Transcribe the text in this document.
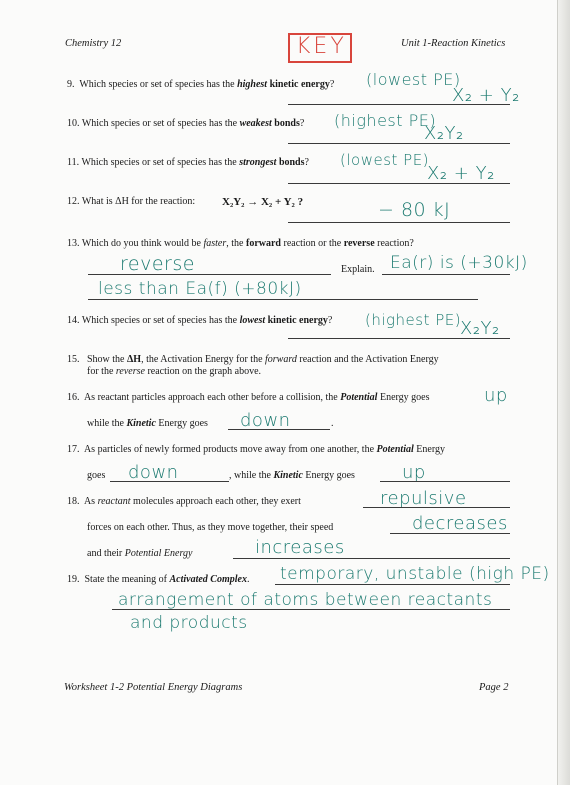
Chemistry 12	KEY	Unit 1-Reaction Kinetics
9. Which species or set of species has the highest kinetic energy? (lowest PE)
X₂ + Y₂
10. Which species or set of species has the weakest bonds? (highest PE)
X₂Y₂
11. Which species or set of species has the strongest bonds? (lowest PE)
X₂ + Y₂
12. What is ΔH for the reaction: X₂Y₂ → X₂ + Y₂ ?	− 80 kJ
13. Which do you think would be faster, the forward reaction or the reverse reaction?
reverse	Explain. Ea(r) is (+30kJ)
less than Ea(f) (+80kJ)
14. Which species or set of species has the lowest kinetic energy? (highest PE)
X₂Y₂
15. Show the ΔH, the Activation Energy for the forward reaction and the Activation Energy
for the reverse reaction on the graph above.
16. As reactant particles approach each other before a collision, the Potential Energy goes	up
while the Kinetic Energy goes down	.
17. As particles of newly formed products move away from one another, the Potential Energy
goes down	, while the Kinetic Energy goes	up
18. As reactant molecules approach each other, they exert	repulsive
forces on each other. Thus, as they move together, their speed	decreases
and their Potential Energy	increases
19. State the meaning of Activated Complex. temporary, unstable (high PE)
arrangement of atoms between reactants
and products
Worksheet 1-2 Potential Energy Diagrams	Page 2
